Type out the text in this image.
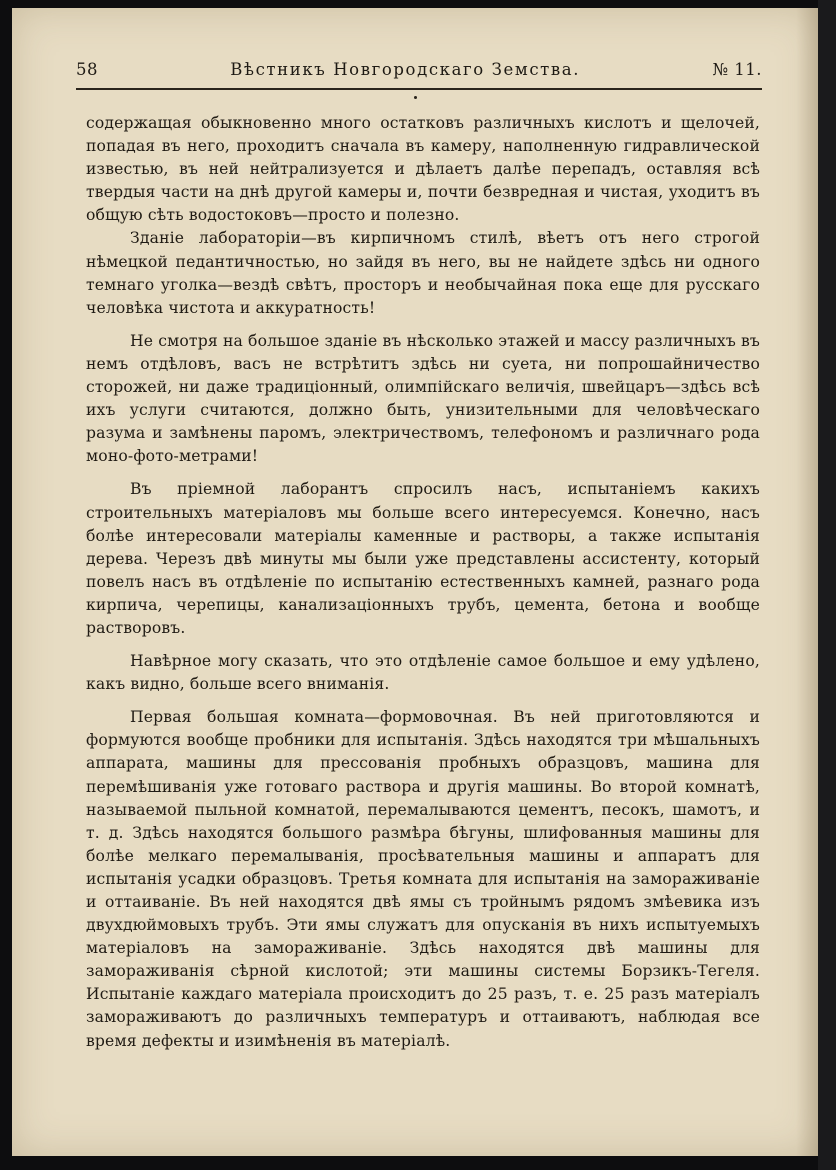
58	Вѣстникъ Новгородскаго Земства.	№ 11.

содержащая обыкновенно много остатковъ различныхъ кислотъ и щелочей, попадая въ него, проходитъ сначала въ камеру, наполненную гидравлической известью, въ ней нейтрализуется и дѣлаетъ далѣе перепадъ, оставляя всѣ твердыя части на днѣ другой камеры и, почти безвредная и чистая, уходитъ въ общую сѣть водостоковъ—просто и полезно.

Зданіе лабораторіи—въ кирпичномъ стилѣ, вѣетъ отъ него строгой нѣмецкой педантичностью, но зайдя въ него, вы не найдете здѣсь ни одного темнаго уголка—вездѣ свѣтъ, просторъ и необычайная пока еще для русскаго человѣка чистота и аккуратность!

Не смотря на большое зданіе въ нѣсколько этажей и массу различныхъ въ немъ отдѣловъ, васъ не встрѣтитъ здѣсь ни суета, ни попрошайничество сторожей, ни даже традиціонный, олимпійскаго величія, швейцаръ—здѣсь всѣ ихъ услуги считаются, должно быть, унизительными для человѣческаго разума и замѣнены паромъ, электричествомъ, телефономъ и различнаго рода моно-фото-метрами!

Въ пріемной лаборантъ спросилъ насъ, испытаніемъ какихъ строительныхъ матеріаловъ мы больше всего интересуемся. Конечно, насъ болѣе интересовали матеріалы каменные и растворы, а также испытанія дерева. Черезъ двѣ минуты мы были уже представлены ассистенту, который повелъ насъ въ отдѣленіе по испытанію естественныхъ камней, разнаго рода кирпича, черепицы, канализаціонныхъ трубъ, цемента, бетона и вообще растворовъ.

Навѣрное могу сказать, что это отдѣленіе самое большое и ему удѣлено, какъ видно, больше всего вниманія.

Первая большая комната—формовочная. Въ ней приготовляются и формуются вообще пробники для испытанія. Здѣсь находятся три мѣшальныхъ аппарата, машины для прессованія пробныхъ образцовъ, машина для перемѣшиванія уже готоваго раствора и другія машины. Во второй комнатѣ, называемой пыльной комнатой, перемалываются цементъ, песокъ, шамотъ, и т. д. Здѣсь находятся большого размѣра бѣгуны, шлифованныя машины для болѣе мелкаго перемалыванія, просѣвательныя машины и аппаратъ для испытанія усадки образцовъ. Третья комната для испытанія на замораживаніе и оттаиваніе. Въ ней находятся двѣ ямы съ тройнымъ рядомъ змѣевика изъ двухдюймовыхъ трубъ. Эти ямы служатъ для опусканія въ нихъ испытуемыхъ матеріаловъ на замораживаніе. Здѣсь находятся двѣ машины для замораживанія сѣрной кислотой; эти машины системы Борзикъ-Тегеля. Испытаніе каждаго матеріала происходитъ до 25 разъ, т. е. 25 разъ матеріалъ замораживаютъ до различныхъ температуръ и оттаиваютъ, наблюдая все время дефекты и изимѣненія въ матеріалѣ.
